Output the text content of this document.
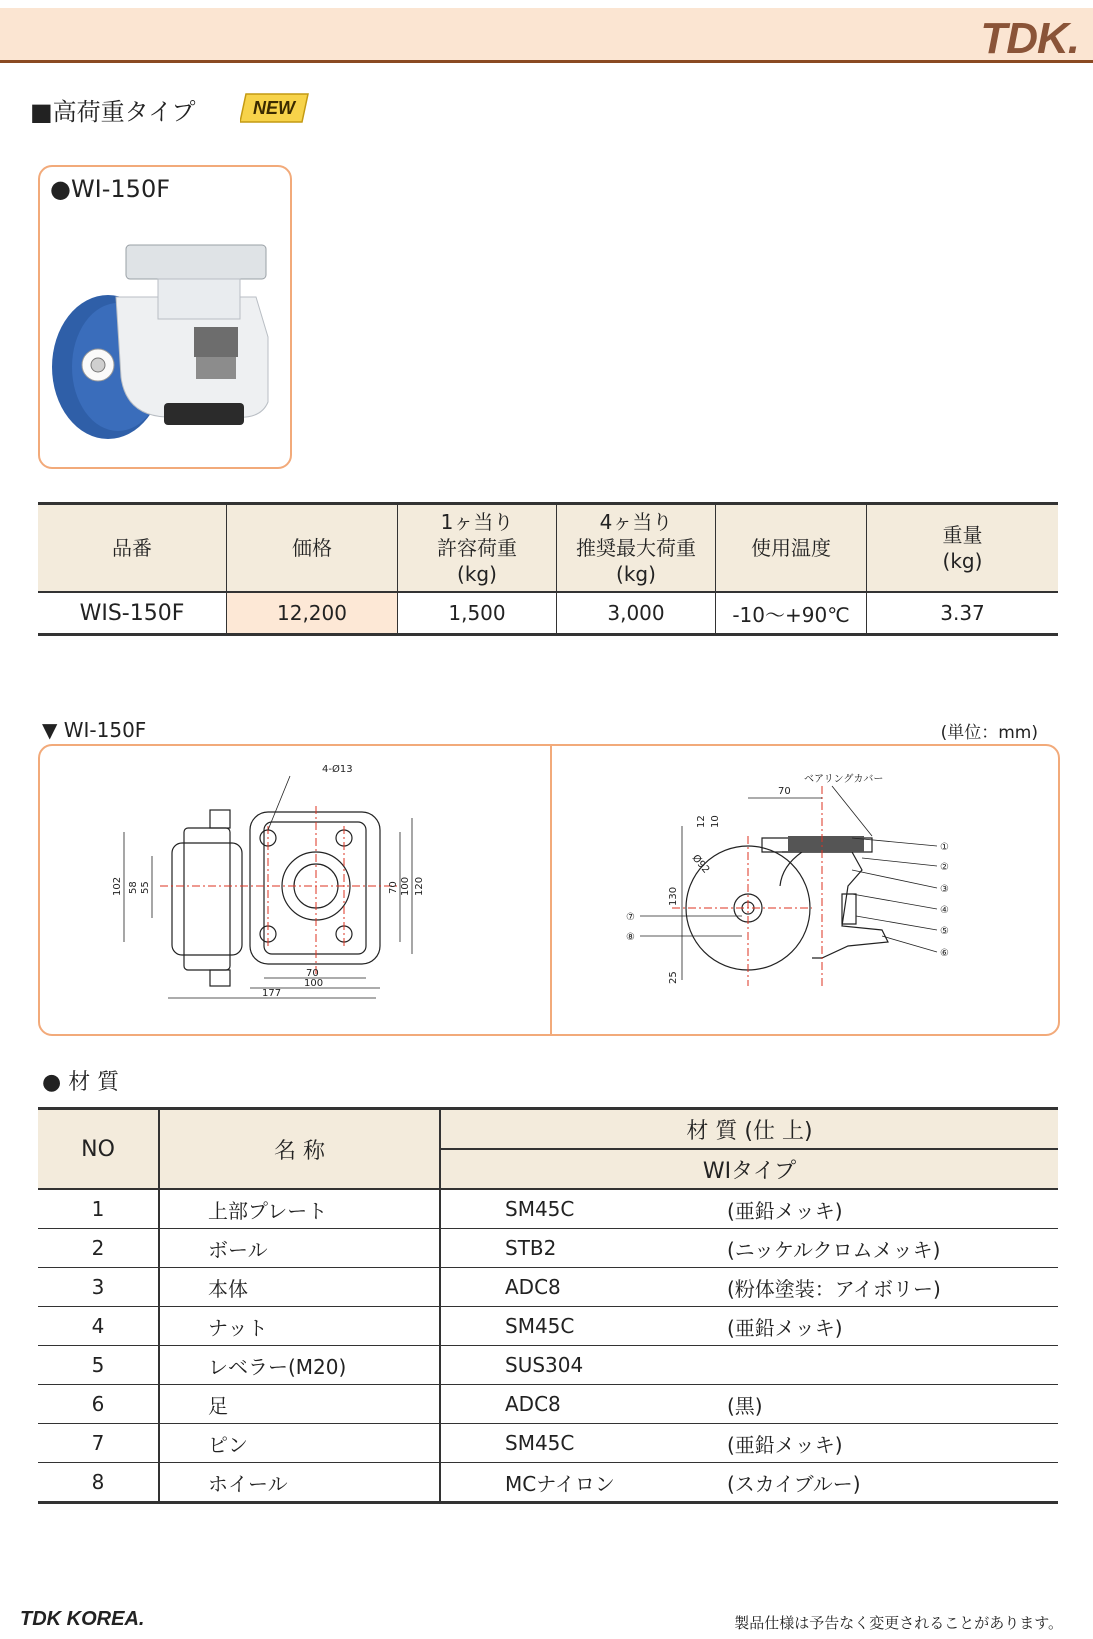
TDK.
■高荷重タイプ	NEW
●WI-150F
品番	価格	1ヶ当り
許容荷重
(kg)	4ヶ当り
推奨最大荷重
(kg)	使用温度	重量
(kg)
WIS-150F	12,200	1,500	3,000	-10～+90℃	3.37
▼ WI-150F	(単位：mm)
4-Ø13
102 58 55	70 100 120
70
100
177
ベアリングカバー
70
12 10
Ø92
130
25
①
②
③
④
⑤
⑥
⑦
⑧
● 材 質
NO	名 称	材 質 (仕 上)	
		WIタイプ	
1	上部プレート	SM45C	(亜鉛メッキ)
2	ボール	STB2	(ニッケルクロムメッキ)
3	本体	ADC8	(粉体塗装：アイボリー)
4	ナット	SM45C	(亜鉛メッキ)
5	レベラー(M20)	SUS304	
6	足	ADC8	(黒)
7	ピン	SM45C	(亜鉛メッキ)
8	ホイール	MCナイロン	(スカイブルー)
TDK KOREA.	製品仕様は予告なく変更されることがあります。
